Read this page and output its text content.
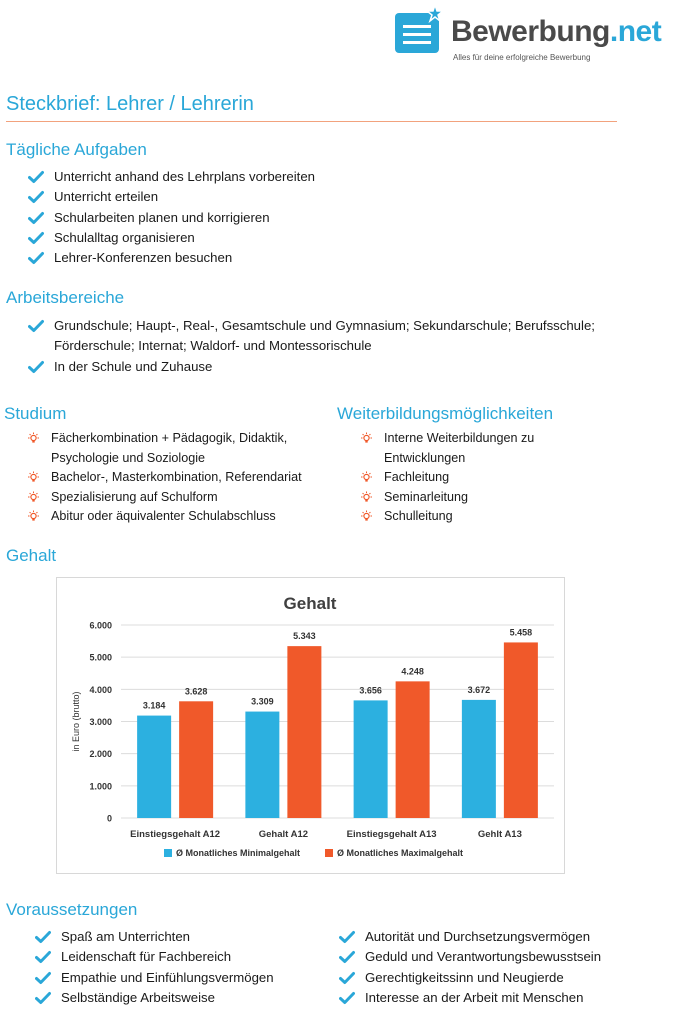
Bewerbung.net
Alles für deine erfolgreiche Bewerbung
Steckbrief: Lehrer / Lehrerin
Tägliche Aufgaben
Unterricht anhand des Lehrplans vorbereiten
Unterricht erteilen
Schularbeiten planen und korrigieren
Schulalltag organisieren
Lehrer-Konferenzen besuchen
Arbeitsbereiche
Grundschule; Haupt-, Real-, Gesamtschule und Gymnasium; Sekundarschule; Berufsschule;
Förderschule; Internat; Waldorf- und Montessorischule
In der Schule und Zuhause
Studium
Fächerkombination + Pädagogik, Didaktik,
Psychologie und Soziologie
Bachelor-, Masterkombination, Referendariat
Spezialisierung auf Schulform
Abitur oder äquivalenter Schulabschluss
Weiterbildungsmöglichkeiten
Interne Weiterbildungen zu
Entwicklungen
Fachleitung
Seminarleitung
Schulleitung
Gehalt
Gehalt
0
1.000
2.000
3.000
4.000
5.000
6.000
in Euro (brutto)	3.184
3.628
Einstiegsgehalt A12
3.309
5.343
Gehalt A12
3.656
4.248
Einstiegsgehalt A13
3.672
5.458
Gehlt A13
Ø Monatliches Minimalgehalt	Ø Monatliches Maximalgehalt
Voraussetzungen
Spaß am Unterrichten
Leidenschaft für Fachbereich
Empathie und Einfühlungsvermögen
Selbständige Arbeitsweise
Autorität und Durchsetzungsvermögen
Geduld und Verantwortungsbewusstsein
Gerechtigkeitssinn und Neugierde
Interesse an der Arbeit mit Menschen
